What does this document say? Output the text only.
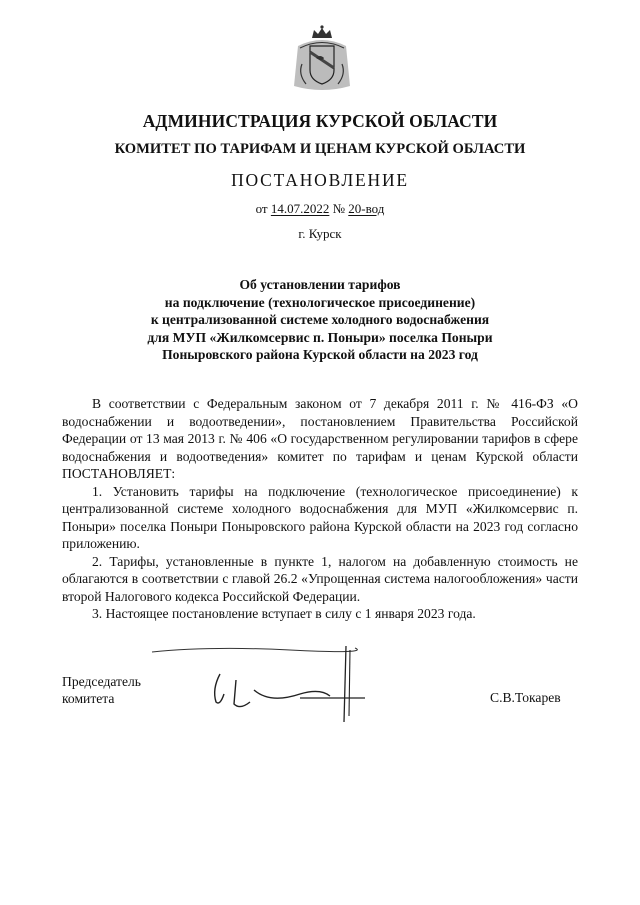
АДМИНИСТРАЦИЯ КУРСКОЙ ОБЛАСТИ
КОМИТЕТ ПО ТАРИФАМ И ЦЕНАМ КУРСКОЙ ОБЛАСТИ
ПОСТАНОВЛЕНИЕ
от 14.07.2022 № 20-вод
г. Курск
Об установлении тарифов
на подключение (технологическое присоединение)
к централизованной системе холодного водоснабжения
для МУП «Жилкомсервис п. Поныри» поселка Поныри
Поныровского района Курской области на 2023 год

В соответствии с Федеральным законом от 7 декабря 2011 г. № 416-ФЗ «О водоснабжении и водоотведении», постановлением Правительства Российской Федерации от 13 мая 2013 г. № 406 «О государственном регулировании тарифов в сфере водоснабжения и водоотведения» комитет по тарифам и ценам Курской области ПОСТАНОВЛЯЕТ:

1. Установить тарифы на подключение (технологическое присоединение) к централизованной системе холодного водоснабжения для МУП «Жилкомсервис п. Поныри» поселка Поныри Поныровского района Курской области на 2023 год согласно приложению.

2. Тарифы, установленные в пункте 1, налогом на добавленную стоимость не облагаются в соответствии с главой 26.2 «Упрощенная система налогообложения» части второй Налогового кодекса Российской Федерации.

3. Настоящее постановление вступает в силу с 1 января 2023 года.

Председатель
комитета	С.В.Токарев
